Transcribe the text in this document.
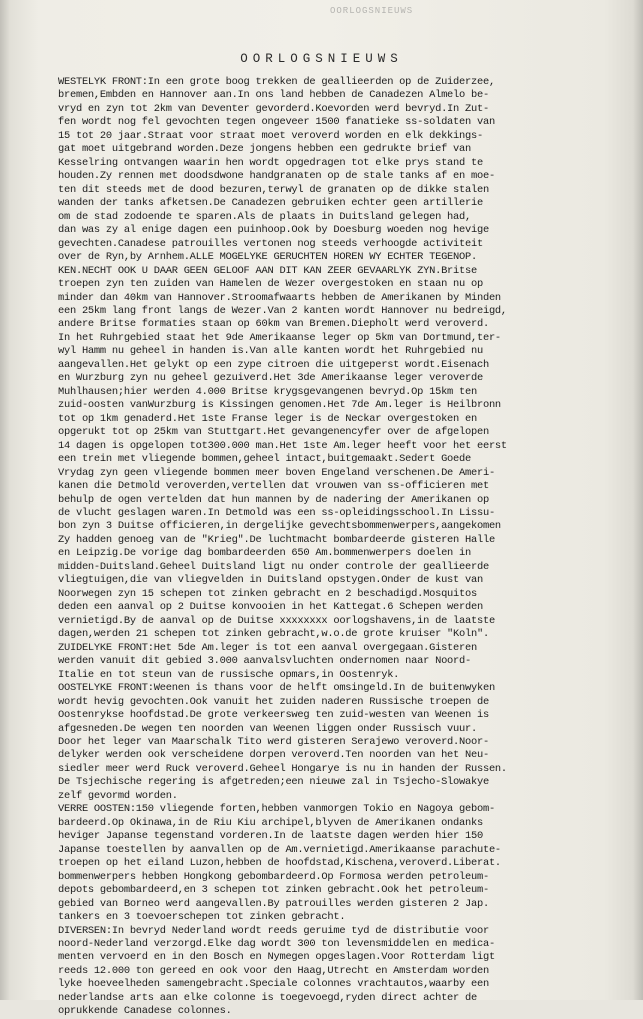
OORLOGSNIEUWS
OORLOGSNIEUWS
WESTELYK FRONT:In een grote boog trekken de geallieerden op de Zuiderzee,
bremen,Embden en Hannover aan.In ons land hebben de Canadezen Almelo be-
vryd en zyn tot 2km van Deventer gevorderd.Koevorden werd bevryd.In Zut-
fen wordt nog fel gevochten tegen ongeveer 1500 fanatieke ss-soldaten van
15 tot 20 jaar.Straat voor straat moet veroverd worden en elk dekkings-
gat moet uitgebrand worden.Deze jongens hebben een gedrukte brief van
Kesselring ontvangen waarin hen wordt opgedragen tot elke prys stand te
houden.Zy rennen met doodsdwone handgranaten op de stale tanks af en moe-
ten dit steeds met de dood bezuren,terwyl de granaten op de dikke stalen
wanden der tanks afketsen.De Canadezen gebruiken echter geen artillerie
om de stad zodoende te sparen.Als de plaats in Duitsland gelegen had,
dan was zy al enige dagen een puinhoop.Ook by Doesburg woeden nog hevige
gevechten.Canadese patrouilles vertonen nog steeds verhoogde activiteit
over de Ryn,by Arnhem.ALLE MOGELYKE GERUCHTEN HOREN WY ECHTER TEGENOP.
KEN.NECHT OOK U DAAR GEEN GELOOF AAN DIT KAN ZEER GEVAARLYK ZYN.Britse
troepen zyn ten zuiden van Hamelen de Wezer overgestoken en staan nu op
minder dan 40km van Hannover.Stroomafwaarts hebben de Amerikanen by Minden
een 25km lang front langs de Wezer.Van 2 kanten wordt Hannover nu bedreigd,
andere Britse formaties staan op 60km van Bremen.Diepholt werd veroverd.
In het Ruhrgebied staat het 9de Amerikaanse leger op 5km van Dortmund,ter-
wyl Hamm nu geheel in handen is.Van alle kanten wordt het Ruhrgebied nu
aangevallen.Het gelykt op een zype citroen die uitgeperst wordt.Eisenach
en Wurzburg zyn nu geheel gezuiverd.Het 3de Amerikaanse leger veroverde
Muhlhausen;hier werden 4.000 Britse krygsgevangenen bevryd.Op 15km ten
zuid-oosten vanWurzburg is Kissingen genomen.Het 7de Am.leger is Heilbronn
tot op 1km genaderd.Het 1ste Franse leger is de Neckar overgestoken en
opgerukt tot op 25km van Stuttgart.Het gevangenencyfer over de afgelopen
14 dagen is opgelopen tot300.000 man.Het 1ste Am.leger heeft voor het eerst
een trein met vliegende bommen,geheel intact,buitgemaakt.Sedert Goede
Vrydag zyn geen vliegende bommen meer boven Engeland verschenen.De Ameri-
kanen die Detmold veroverden,vertellen dat vrouwen van ss-officieren met
behulp de ogen vertelden dat hun mannen by de nadering der Amerikanen op
de vlucht geslagen waren.In Detmold was een ss-opleidingsschool.In Lissu-
bon zyn 3 Duitse officieren,in dergelijke gevechtsbommenwerpers,aangekomen
Zy hadden genoeg van de "Krieg".De luchtmacht bombardeerde gisteren Halle
en Leipzig.De vorige dag bombardeerden 650 Am.bommenwerpers doelen in
midden-Duitsland.Geheel Duitsland ligt nu onder controle der geallieerde
vliegtuigen,die van vliegvelden in Duitsland opstygen.Onder de kust van
Noorwegen zyn 15 schepen tot zinken gebracht en 2 beschadigd.Mosquitos
deden een aanval op 2 Duitse konvooien in het Kattegat.6 Schepen werden
vernietigd.By de aanval op de Duitse xxxxxxxx oorlogshavens,in de laatste
dagen,werden 21 schepen tot zinken gebracht,w.o.de grote kruiser "Koln".
ZUIDELYKE FRONT:Het 5de Am.leger is tot een aanval overgegaan.Gisteren
werden vanuit dit gebied 3.000 aanvalsvluchten ondernomen naar Noord-
Italie en tot steun van de russische opmars,in Oostenryk.
OOSTELYKE FRONT:Weenen is thans voor de helft omsingeld.In de buitenwyken
wordt hevig gevochten.Ook vanuit het zuiden naderen Russische troepen de
Oostenrykse hoofdstad.De grote verkeersweg ten zuid-westen van Weenen is
afgesneden.De wegen ten noorden van Weenen liggen onder Russisch vuur.
Door het leger van Maarschalk Tito werd gisteren Serajewo veroverd.Noor-
delyker werden ook verscheidene dorpen veroverd.Ten noorden van het Neu-
siedler meer werd Ruck veroverd.Geheel Hongarye is nu in handen der Russen.
De Tsjechische regering is afgetreden;een nieuwe zal in Tsjecho-Slowakye
zelf gevormd worden.
VERRE OOSTEN:150 vliegende forten,hebben vanmorgen Tokio en Nagoya gebom-
bardeerd.Op Okinawa,in de Riu Kiu archipel,blyven de Amerikanen ondanks
heviger Japanse tegenstand vorderen.In de laatste dagen werden hier 150
Japanse toestellen by aanvallen op de Am.vernietigd.Amerikaanse parachute-
troepen op het eiland Luzon,hebben de hoofdstad,Kischena,veroverd.Liberat.
bommenwerpers hebben Hongkong gebombardeerd.Op Formosa werden petroleum-
depots gebombardeerd,en 3 schepen tot zinken gebracht.Ook het petroleum-
gebied van Borneo werd aangevallen.By patrouilles werden gisteren 2 Jap.
tankers en 3 toevoerschepen tot zinken gebracht.
DIVERSEN:In bevryd Nederland wordt reeds geruime tyd de distributie voor
noord-Nederland verzorgd.Elke dag wordt 300 ton levensmiddelen en medica-
menten vervoerd en in den Bosch en Nymegen opgeslagen.Voor Rotterdam ligt
reeds 12.000 ton gereed en ook voor den Haag,Utrecht en Amsterdam worden
lyke hoeveelheden samengebracht.Speciale colonnes vrachtautos,waarby een
nederlandse arts aan elke colonne is toegevoegd,ryden direct achter de
oprukkende Canadese colonnes.
